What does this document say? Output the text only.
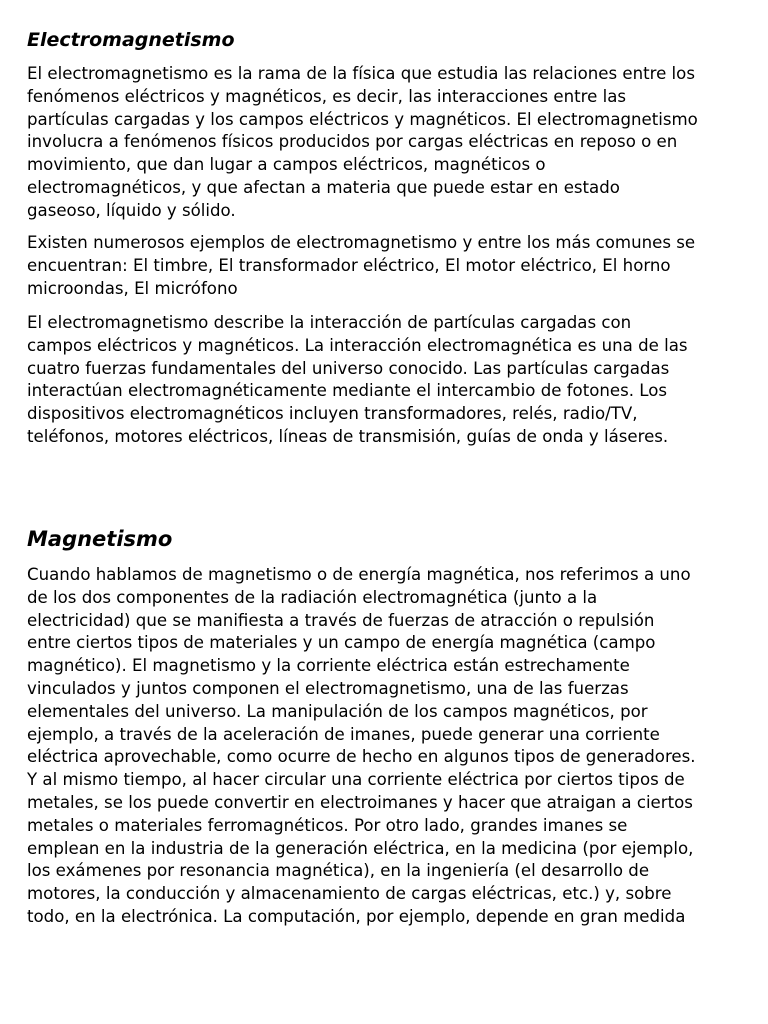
Electromagnetismo
El electromagnetismo es la rama de la física que estudia las relaciones entre los
fenómenos eléctricos y magnéticos, es decir, las interacciones entre las
partículas cargadas y los campos eléctricos y magnéticos. El electromagnetismo
involucra a fenómenos físicos producidos por cargas eléctricas en reposo o en
movimiento, que dan lugar a campos eléctricos, magnéticos o
electromagnéticos, y que afectan a materia que puede estar en estado
gaseoso, líquido y sólido.
Existen numerosos ejemplos de electromagnetismo y entre los más comunes se
encuentran: El timbre, El transformador eléctrico, El motor eléctrico, El horno
microondas, El micrófono
El electromagnetismo describe la interacción de partículas cargadas con
campos eléctricos y magnéticos. La interacción electromagnética es una de las
cuatro fuerzas fundamentales del universo conocido. Las partículas cargadas
interactúan electromagnéticamente mediante el intercambio de fotones. Los
dispositivos electromagnéticos incluyen transformadores, relés, radio/TV,
teléfonos, motores eléctricos, líneas de transmisión, guías de onda y láseres.
Magnetismo
Cuando hablamos de magnetismo o de energía magnética, nos referimos a uno
de los dos componentes de la radiación electromagnética (junto a la
electricidad) que se manifiesta a través de fuerzas de atracción o repulsión
entre ciertos tipos de materiales y un campo de energía magnética (campo
magnético). El magnetismo y la corriente eléctrica están estrechamente
vinculados y juntos componen el electromagnetismo, una de las fuerzas
elementales del universo. La manipulación de los campos magnéticos, por
ejemplo, a través de la aceleración de imanes, puede generar una corriente
eléctrica aprovechable, como ocurre de hecho en algunos tipos de generadores.
Y al mismo tiempo, al hacer circular una corriente eléctrica por ciertos tipos de
metales, se los puede convertir en electroimanes y hacer que atraigan a ciertos
metales o materiales ferromagnéticos. Por otro lado, grandes imanes se
emplean en la industria de la generación eléctrica, en la medicina (por ejemplo,
los exámenes por resonancia magnética), en la ingeniería (el desarrollo de
motores, la conducción y almacenamiento de cargas eléctricas, etc.) y, sobre
todo, en la electrónica. La computación, por ejemplo, depende en gran medida
